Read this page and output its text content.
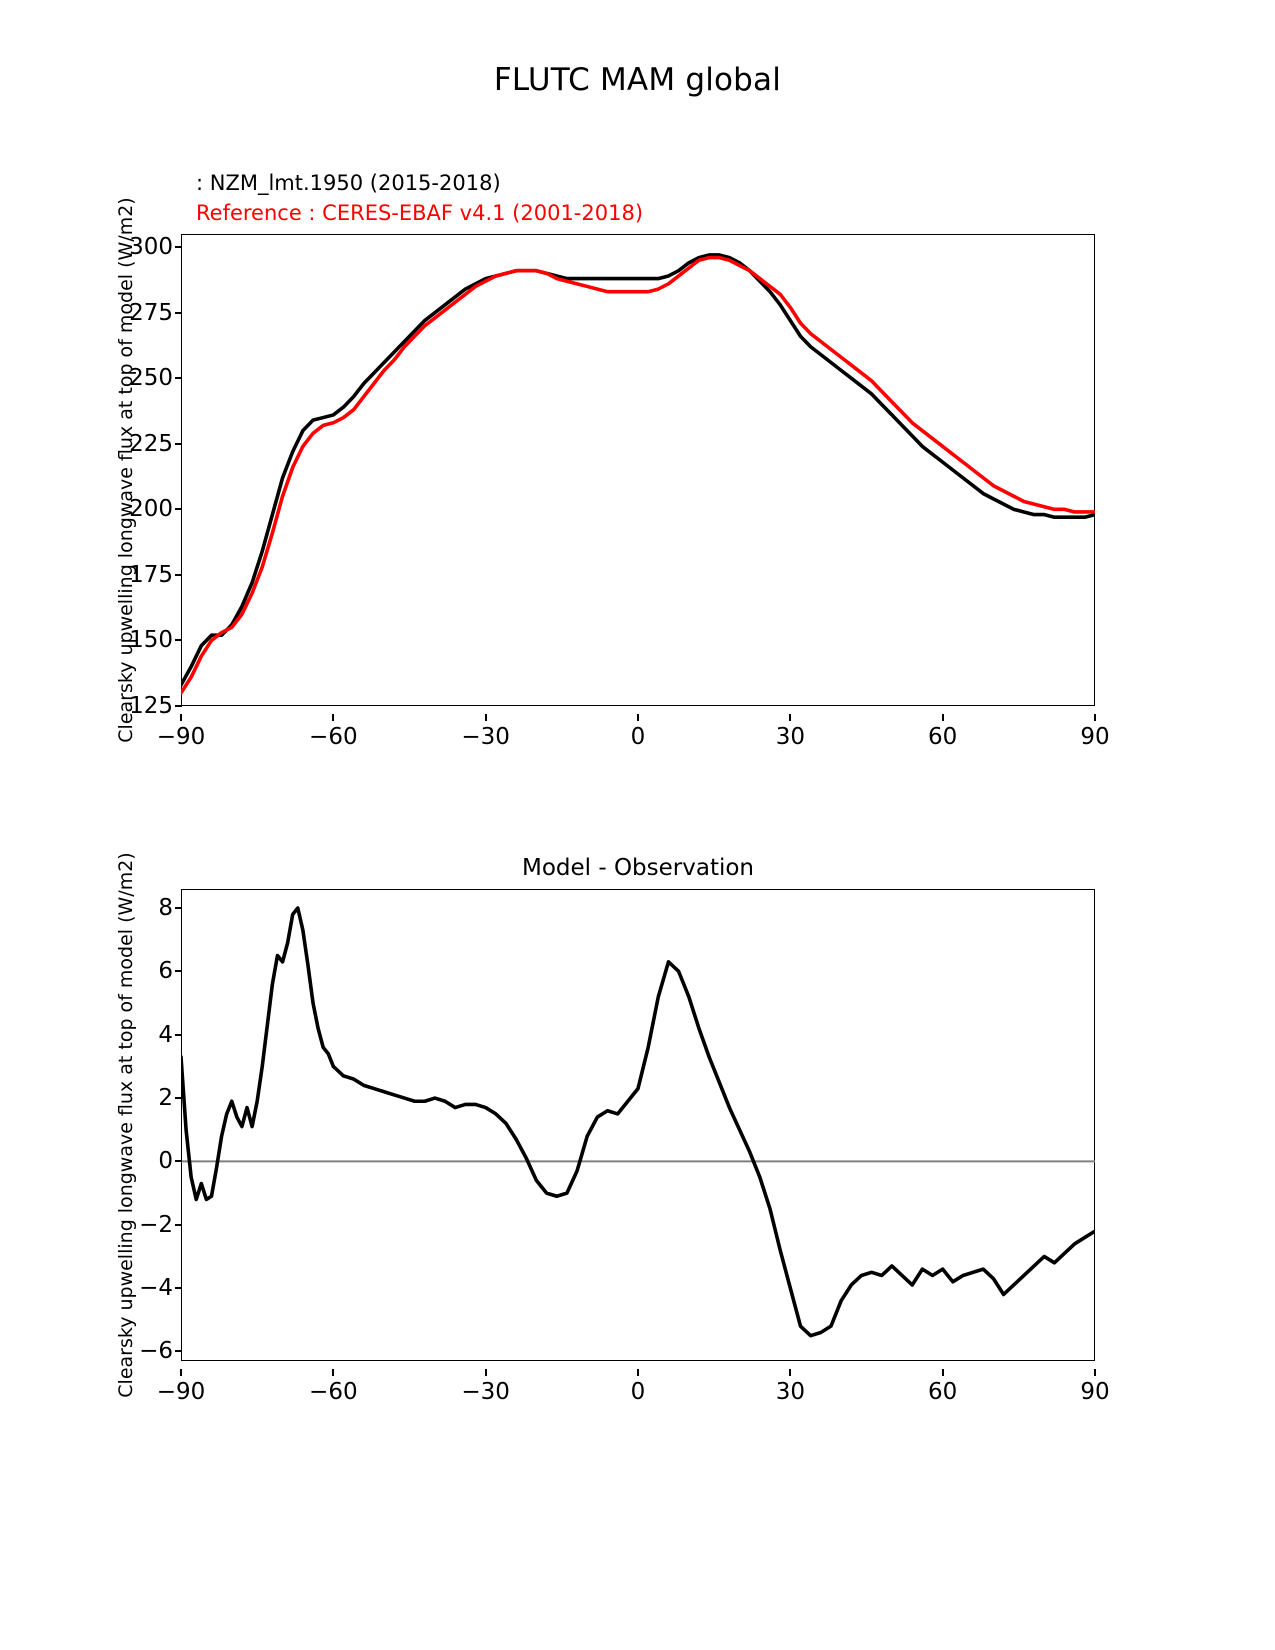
FLUTC MAM global
: NZM_lmt.1950 (2015-2018)
Reference : CERES-EBAF v4.1 (2001-2018)
Clearsky upwelling longwave flux at top of model (W/m2)
Clearsky upwelling longwave flux at top of model (W/m2)
125
150
175
200
225
250
275
300
−90	−60	−30	0	30	60	90
Model - Observation
−6
−4
−2
0
2
4
6
8
−90	−60	−30	0	30	60	90
